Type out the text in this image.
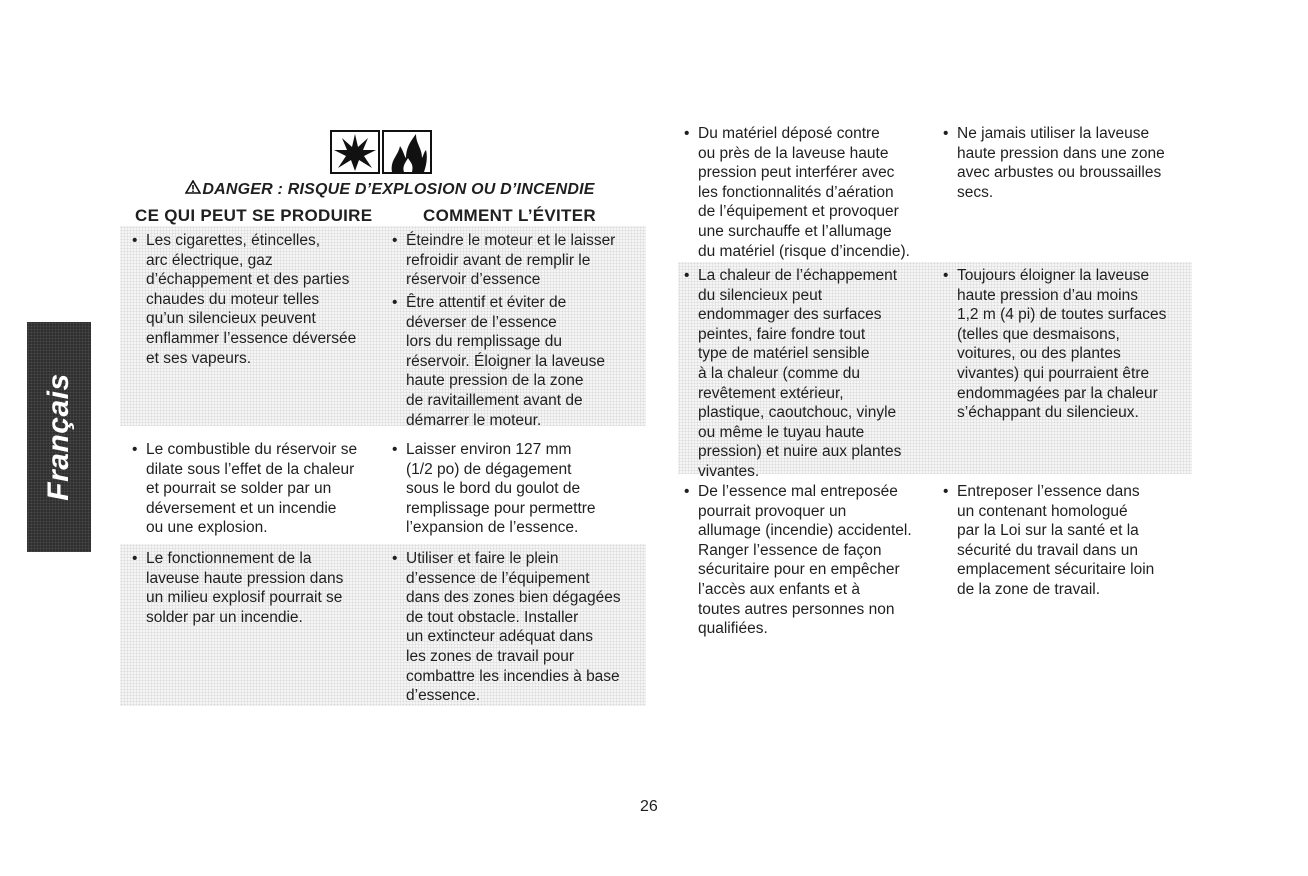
Français
DANGER : RISQUE D’EXPLOSION OU D’INCENDIE
CE QUI PEUT SE PRODUIRE	COMMENT L’ÉVITER
• Les cigarettes, étincelles,
arc électrique, gaz
d’échappement et des parties
chaudes du moteur telles
qu’un silencieux peuvent
enflammer l’essence déversée
et ses vapeurs.
• Éteindre le moteur et le laisser
refroidir avant de remplir le
réservoir d’essence
• Être attentif et éviter de
déverser de l’essence
lors du remplissage du
réservoir. Éloigner la laveuse
haute pression de la zone
de ravitaillement avant de
démarrer le moteur.
• Le combustible du réservoir se
dilate sous l’effet de la chaleur
et pourrait se solder par un
déversement et un incendie
ou une explosion.
• Laisser environ 127 mm
(1/2 po) de dégagement
sous le bord du goulot de
remplissage pour permettre
l’expansion de l’essence.
• Le fonctionnement de la
laveuse haute pression dans
un milieu explosif pourrait se
solder par un incendie.
• Utiliser et faire le plein
d’essence de l’équipement
dans des zones bien dégagées
de tout obstacle. Installer
un extincteur adéquat dans
les zones de travail pour
combattre les incendies à base
d’essence.
• Du matériel déposé contre
ou près de la laveuse haute
pression peut interférer avec
les fonctionnalités d’aération
de l’équipement et provoquer
une surchauffe et l’allumage
du matériel (risque d’incendie).
• Ne jamais utiliser la laveuse
haute pression dans une zone
avec arbustes ou broussailles
secs.
• La chaleur de l’échappement
du silencieux peut
endommager des surfaces
peintes, faire fondre tout
type de matériel sensible
à la chaleur (comme du
revêtement extérieur,
plastique, caoutchouc, vinyle
ou même le tuyau haute
pression) et nuire aux plantes
vivantes.
• Toujours éloigner la laveuse
haute pression d’au moins
1,2 m (4 pi) de toutes surfaces
(telles que desmaisons,
voitures, ou des plantes
vivantes) qui pourraient être
endommagées par la chaleur
s’échappant du silencieux.
• De l’essence mal entreposée
pourrait provoquer un
allumage (incendie) accidentel.
Ranger l’essence de façon
sécuritaire pour en empêcher
l’accès aux enfants et à
toutes autres personnes non
qualifiées.
• Entreposer l’essence dans
un contenant homologué
par la Loi sur la santé et la
sécurité du travail dans un
emplacement sécuritaire loin
de la zone de travail.
26
